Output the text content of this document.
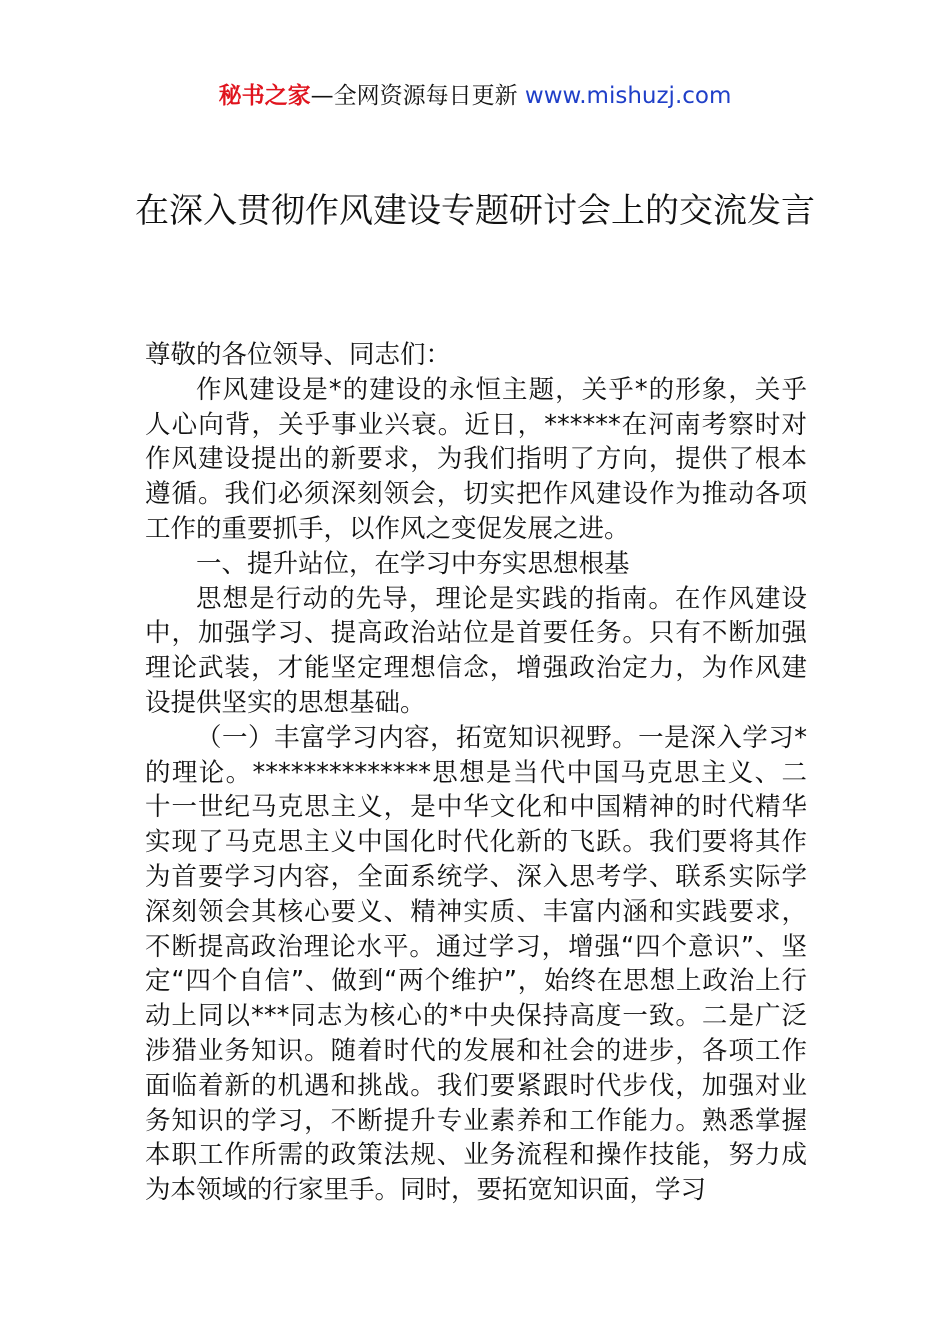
秘书之家—全网资源每日更新 www.mishuzj.com
在深入贯彻作风建设专题研讨会上的交流发言

尊敬的各位领导、同志们：

作风建设是*的建设的永恒主题，关乎*的形象，关乎人心向背，关乎事业兴衰。近日，******在河南考察时对作风建设提出的新要求，为我们指明了方向，提供了根本遵循。我们必须深刻领会，切实把作风建设作为推动各项工作的重要抓手，以作风之变促发展之进。

一、提升站位，在学习中夯实思想根基

思想是行动的先导，理论是实践的指南。在作风建设中，加强学习、提高政治站位是首要任务。只有不断加强理论武装，才能坚定理想信念，增强政治定力，为作风建设提供坚实的思想基础。

（一）丰富学习内容，拓宽知识视野。一是深入学习*的理论。**************思想是当代中国马克思主义、二十一世纪马克思主义，是中华文化和中国精神的时代精华实现了马克思主义中国化时代化新的飞跃。我们要将其作为首要学习内容，全面系统学、深入思考学、联系实际学深刻领会其核心要义、精神实质、丰富内涵和实践要求，不断提高政治理论水平。通过学习，增强“四个意识”、坚定“四个自信”、做到“两个维护”，始终在思想上政治上行动上同以***同志为核心的*中央保持高度一致。二是广泛涉猎业务知识。随着时代的发展和社会的进步，各项工作面临着新的机遇和挑战。我们要紧跟时代步伐，加强对业务知识的学习，不断提升专业素养和工作能力。熟悉掌握本职工作所需的政策法规、业务流程和操作技能，努力成为本领域的行家里手。同时，要拓宽知识面，学习
